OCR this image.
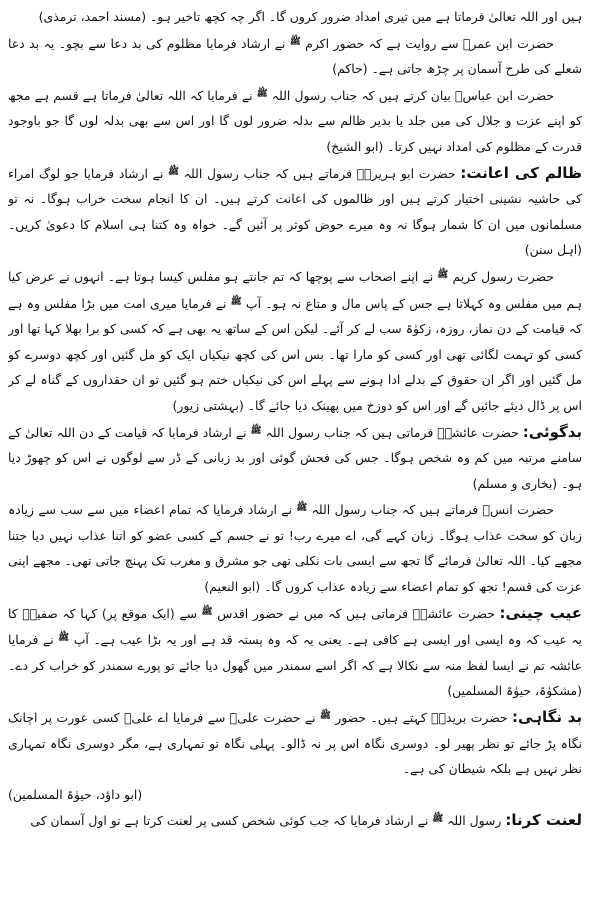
ہیں اور اللہ تعالیٰ فرماتا ہے میں تیری امداد ضرور کروں گا۔ اگر چہ کچھ تاخیر ہو۔ (مسند احمد، ترمذی)

حضرت ابن عمرؓ سے روایت ہے کہ حضور اکرم $^ﷺ$ نے ارشاد فرمایا مظلوم کی بد دعا سے بچو۔ یہ بد دعا شعلے کی طرح آسمان پر چڑھ جاتی ہے۔ (حاکم)

حضرت ابن عباسؓ بیان کرتے ہیں کہ جناب رسول اللہ $^ﷺ$ نے فرمایا کہ اللہ تعالیٰ فرماتا ہے قسم ہے مجھ کو اپنے عزت و جلال کی میں جلد یا بدیر ظالم سے بدلہ ضرور لوں گا اور اس سے بھی بدلہ لوں گا جو باوجود قدرت کے مظلوم کی امداد نہیں کرتا۔ (ابو الشیخ)

ظالم کی اعانت: حضرت ابو ہریرہؓ فرماتے ہیں کہ جناب رسول اللہ $^ﷺ$ نے ارشاد فرمایا جو لوگ امراء کی حاشیہ نشینی اختیار کرتے ہیں اور ظالموں کی اعانت کرتے ہیں۔ ان کا انجام سخت خراب ہوگا۔ نہ تو مسلمانوں میں ان کا شمار ہوگا نہ وہ میرے حوض کوثر پر آئیں گے۔ خواہ وہ کتنا ہی اسلام کا دعویٰ کریں۔ (اہل سنن)

حضرت رسول کریم $^ﷺ$ نے اپنے اصحاب سے پوچھا کہ تم جانتے ہو مفلس کیسا ہوتا ہے۔ انہوں نے عرض کیا ہم میں مفلس وہ کہلاتا ہے جس کے پاس مال و متاع نہ ہو۔ آپ $^ﷺ$ نے فرمایا میری امت میں بڑا مفلس وہ ہے کہ قیامت کے دن نماز، روزہ، زکوٰۃ سب لے کر آئے۔ لیکن اس کے ساتھ یہ بھی ہے کہ کسی کو برا بھلا کہا تھا اور کسی کو تہمت لگائی تھی اور کسی کو مارا تھا۔ بس اس کی کچھ نیکیاں ایک کو مل گئیں اور کچھ دوسرے کو مل گئیں اور اگر ان حقوق کے بدلے ادا ہونے سے پہلے اس کی نیکیاں ختم ہو گئیں تو ان حقداروں کے گناہ لے کر اس پر ڈال دیئے جائیں گے اور اس کو دوزخ میں پھینک دیا جائے گا۔ (بہشتی زیور)

بدگوئی: حضرت عائشہؓ فرماتی ہیں کہ جناب رسول اللہ $^ﷺ$ نے ارشاد فرمایا کہ قیامت کے دن اللہ تعالیٰ کے سامنے مرتبہ میں کم وہ شخص ہوگا۔ جس کی فحش گوئی اور بد زبانی کے ڈر سے لوگوں نے اس کو چھوڑ دیا ہو۔ (بخاری و مسلم)

حضرت انسؓ فرماتے ہیں کہ جناب رسول اللہ $^ﷺ$ نے ارشاد فرمایا کہ تمام اعضاء میں سے سب سے زیادہ زبان کو سخت عذاب ہوگا۔ زبان کہے گی، اے میرے رب! تو نے جسم کے کسی عضو کو اتنا عذاب نہیں دیا جتنا مجھے کیا۔ اللہ تعالیٰ فرمائے گا تجھ سے ایسی بات نکلی تھی جو مشرق و مغرب تک پہنچ جاتی تھی۔ مجھے اپنی عزت کی قسم! تجھ کو تمام اعضاء سے زیادہ عذاب کروں گا۔ (ابو النعیم)

عیب چینی: حضرت عائشہؓ فرماتی ہیں کہ میں نے حضور اقدس $^ﷺ$ سے (ایک موقع پر) کہا کہ صفیہؓ کا یہ عیب کہ وہ ایسی اور ایسی ہے کافی ہے۔ یعنی یہ کہ وہ پستہ قد ہے اور یہ بڑا عیب ہے۔ آپ $^ﷺ$ نے فرمایا عائشہ تم نے ایسا لفظ منہ سے نکالا ہے کہ اگر اسے سمندر میں گھول دیا جائے تو پورے سمندر کو خراب کر دے۔ (مشکوٰۃ، حیوٰۃ المسلمین)

بد نگاہی: حضرت بریدہؓ کہتے ہیں۔ حضور $^ﷺ$ نے حضرت علیؓ سے فرمایا اے علیؓ کسی عورت پر اچانک نگاہ پڑ جائے تو نظر پھیر لو۔ دوسری نگاہ اس پر نہ ڈالو۔ پہلی نگاہ تو تمہاری ہے، مگر دوسری نگاہ تمہاری نظر نہیں ہے بلکہ شیطان کی ہے۔
(ابو داؤد، حیوٰۃ المسلمین)

لعنت کرنا: رسول اللہ $^ﷺ$ نے ارشاد فرمایا کہ جب کوئی شخص کسی پر لعنت کرتا ہے تو اول آسمان کی
